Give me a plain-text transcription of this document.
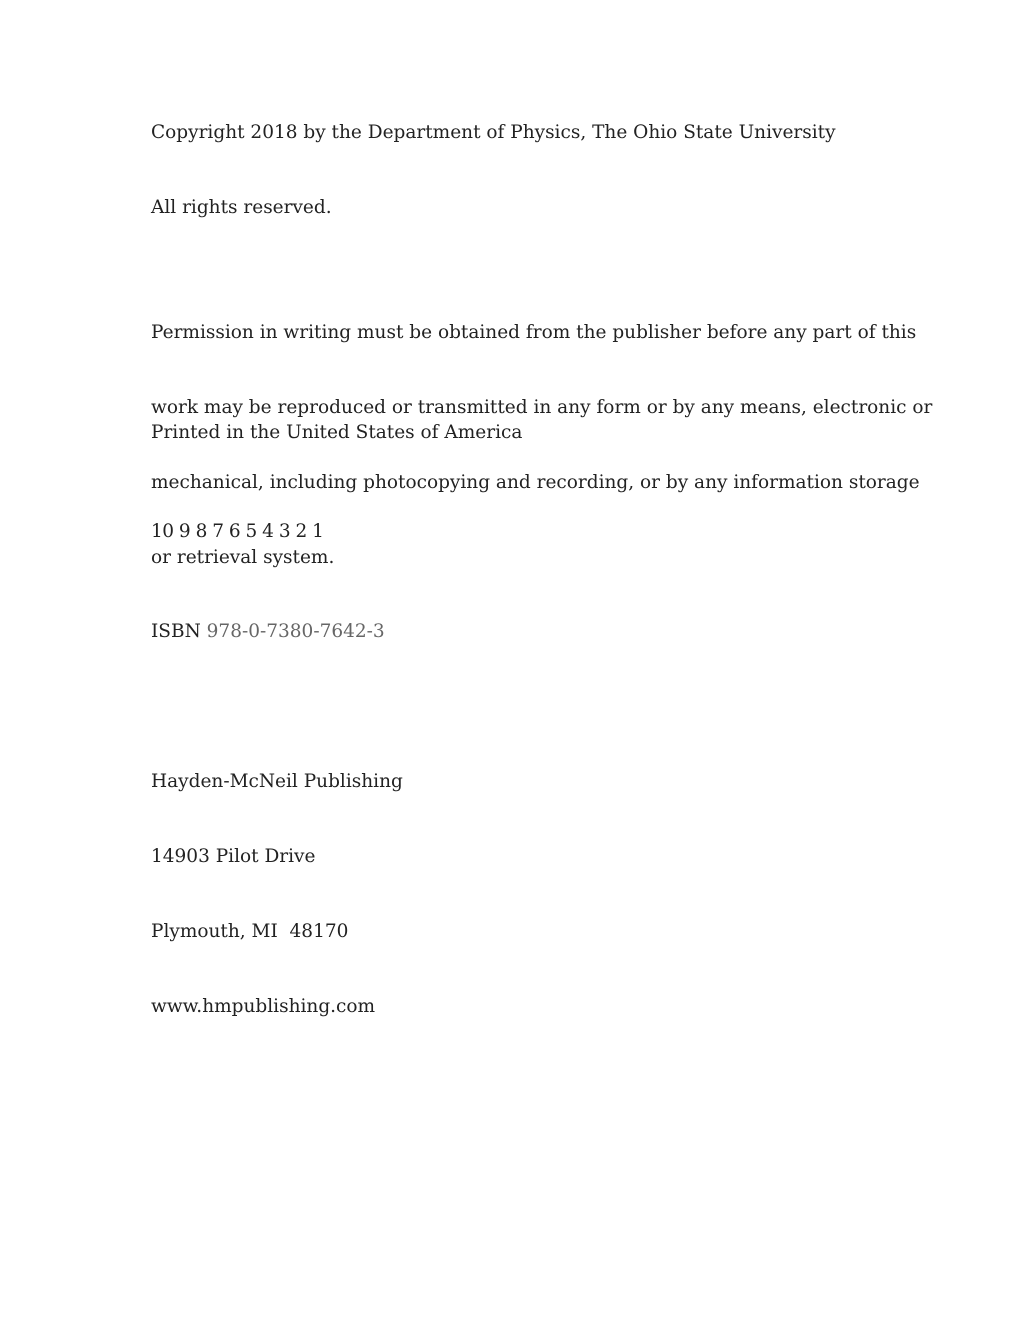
Copyright 2018 by the Department of Physics, The Ohio State University

All rights reserved.

Permission in writing must be obtained from the publisher before any part of this

work may be reproduced or transmitted in any form or by any means, electronic or

mechanical, including photocopying and recording, or by any information storage

or retrieval system.

Printed in the United States of America

10 9 8 7 6 5 4 3 2 1

ISBN 978-0-7380-7642-3

Hayden-McNeil Publishing

14903 Pilot Drive

Plymouth, MI  48170

www.hmpublishing.com
